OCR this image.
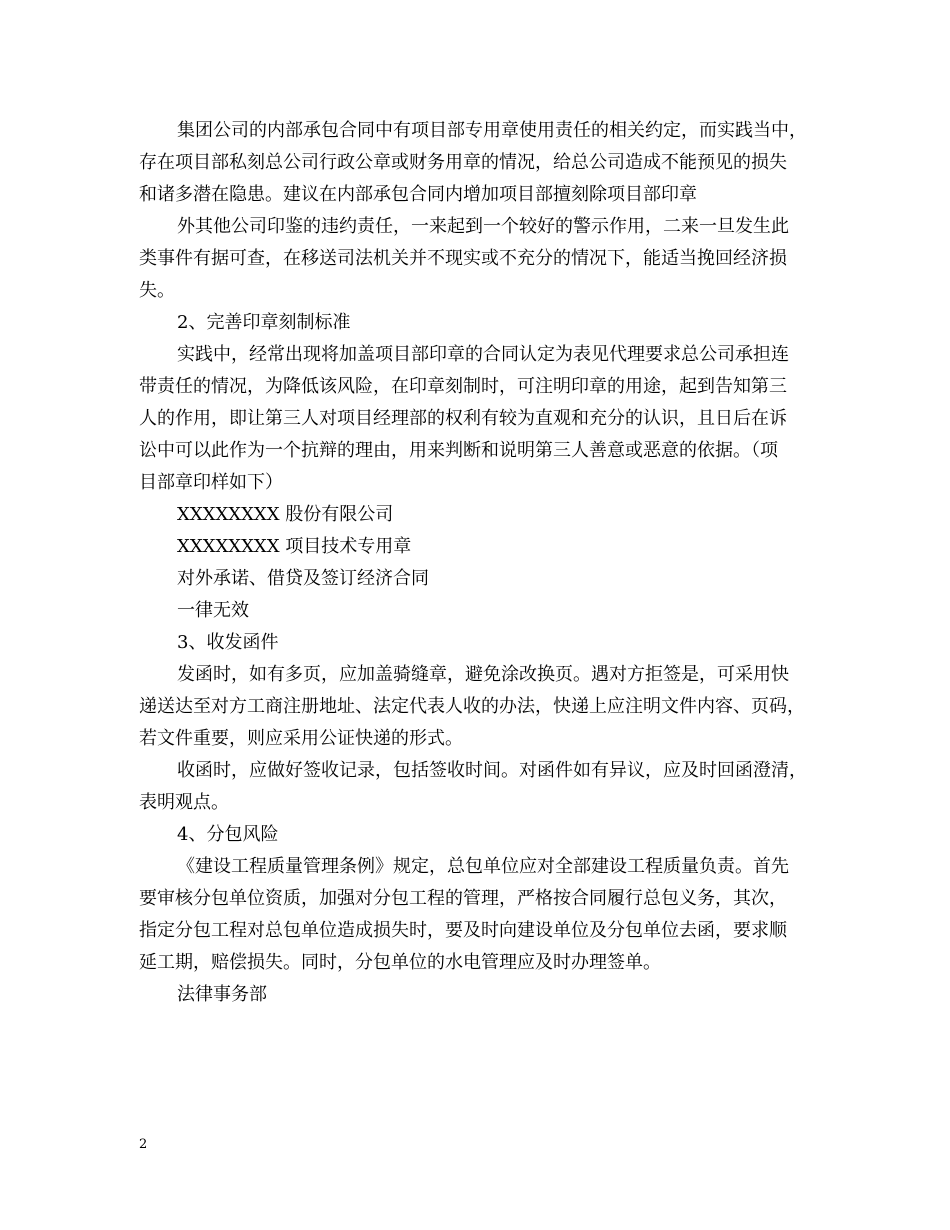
集团公司的内部承包合同中有项目部专用章使用责任的相关约定，而实践当中，
存在项目部私刻总公司行政公章或财务用章的情况，给总公司造成不能预见的损失
和诸多潜在隐患。建议在内部承包合同内增加项目部擅刻除项目部印章
外其他公司印鉴的违约责任，一来起到一个较好的警示作用，二来一旦发生此
类事件有据可查，在移送司法机关并不现实或不充分的情况下，能适当挽回经济损
失。
2、完善印章刻制标准
实践中，经常出现将加盖项目部印章的合同认定为表见代理要求总公司承担连
带责任的情况，为降低该风险，在印章刻制时，可注明印章的用途，起到告知第三
人的作用，即让第三人对项目经理部的权利有较为直观和充分的认识，且日后在诉
讼中可以此作为一个抗辩的理由，用来判断和说明第三人善意或恶意的依据。（项
目部章印样如下）
XXXXXXXX 股份有限公司
XXXXXXXX 项目技术专用章
对外承诺、借贷及签订经济合同
一律无效
3、收发函件
发函时，如有多页，应加盖骑缝章，避免涂改换页。遇对方拒签是，可采用快
递送达至对方工商注册地址、法定代表人收的办法，快递上应注明文件内容、页码，
若文件重要，则应采用公证快递的形式。
收函时，应做好签收记录，包括签收时间。对函件如有异议，应及时回函澄清，
表明观点。
4、分包风险
《建设工程质量管理条例》规定，总包单位应对全部建设工程质量负责。首先
要审核分包单位资质，加强对分包工程的管理，严格按合同履行总包义务，其次，
指定分包工程对总包单位造成损失时，要及时向建设单位及分包单位去函，要求顺
延工期，赔偿损失。同时，分包单位的水电管理应及时办理签单。
法律事务部
2
